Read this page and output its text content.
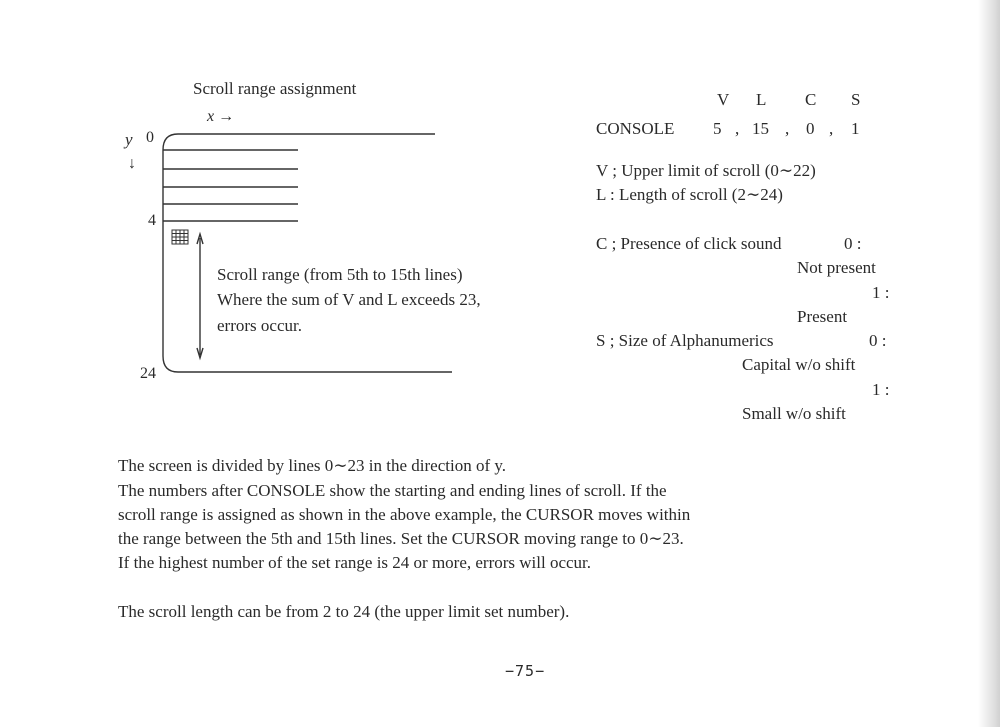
Scroll range assignment
x →
y
↓
0
4
24
Scroll range (from 5th to 15th lines)
Where the sum of V and L exceeds 23,
errors occur.
V L C S
CONSOLE 5 , 15 , 0 , 1
V ; Upper limit of scroll (0∼22)
L : Length of scroll (2∼24)
C ; Presence of click sound	0 :
Not present
1 :
Present
S ; Size of Alphanumerics	0 :
Capital w/o shift
1 :
Small w/o shift
The screen is divided by lines 0∼23 in the direction of y.
The numbers after CONSOLE show the starting and ending lines of scroll. If the
scroll range is assigned as shown in the above example, the CURSOR moves within
the range between the 5th and 15th lines. Set the CURSOR moving range to 0∼23.
If the highest number of the set range is 24 or more, errors will occur.
The scroll length can be from 2 to 24 (the upper limit set number).
−75−
